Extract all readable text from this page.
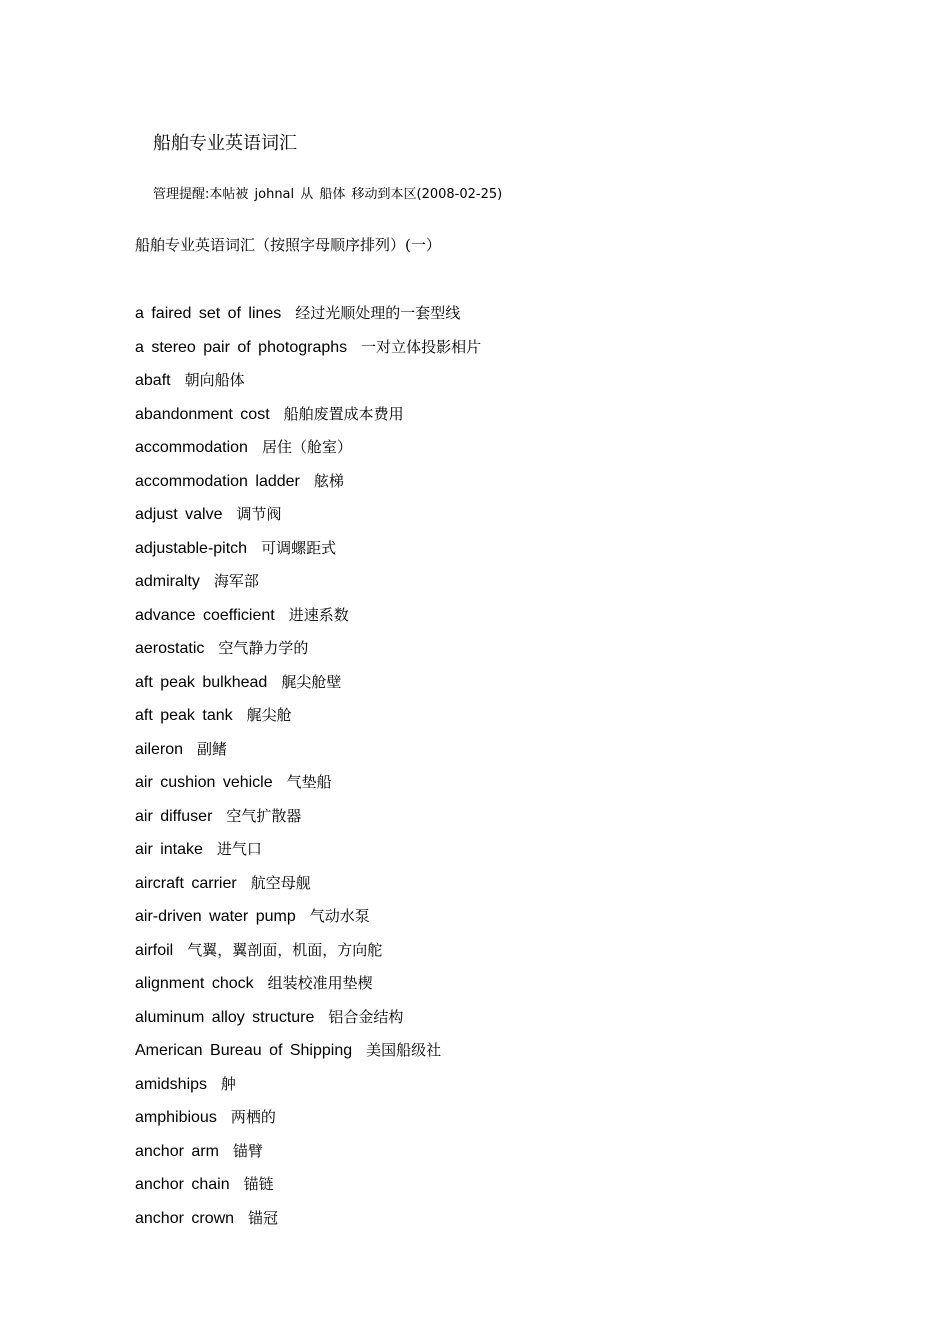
船舶专业英语词汇
管理提醒:本帖被 johnal 从 船体 移动到本区(2008-02-25)
船舶专业英语词汇（按照字母顺序排列）(一）
a faired set of lines 经过光顺处理的一套型线
a stereo pair of photographs 一对立体投影相片
abaft 朝向船体
abandonment cost 船舶废置成本费用
accommodation 居住（舱室）
accommodation ladder 舷梯
adjust valve 调节阀
adjustable-pitch 可调螺距式
admiralty 海军部
advance coefficient 进速系数
aerostatic 空气静力学的
aft peak bulkhead 艉尖舱壁
aft peak tank 艉尖舱
aileron 副鳍
air cushion vehicle 气垫船
air diffuser 空气扩散器
air intake 进气口
aircraft carrier 航空母舰
air-driven water pump 气动水泵
airfoil 气翼，翼剖面，机面，方向舵
alignment chock 组装校准用垫楔
aluminum alloy structure 铝合金结构
American Bureau of Shipping 美国船级社
amidships 舯
amphibious 两栖的
anchor arm 锚臂
anchor chain 锚链
anchor crown 锚冠
